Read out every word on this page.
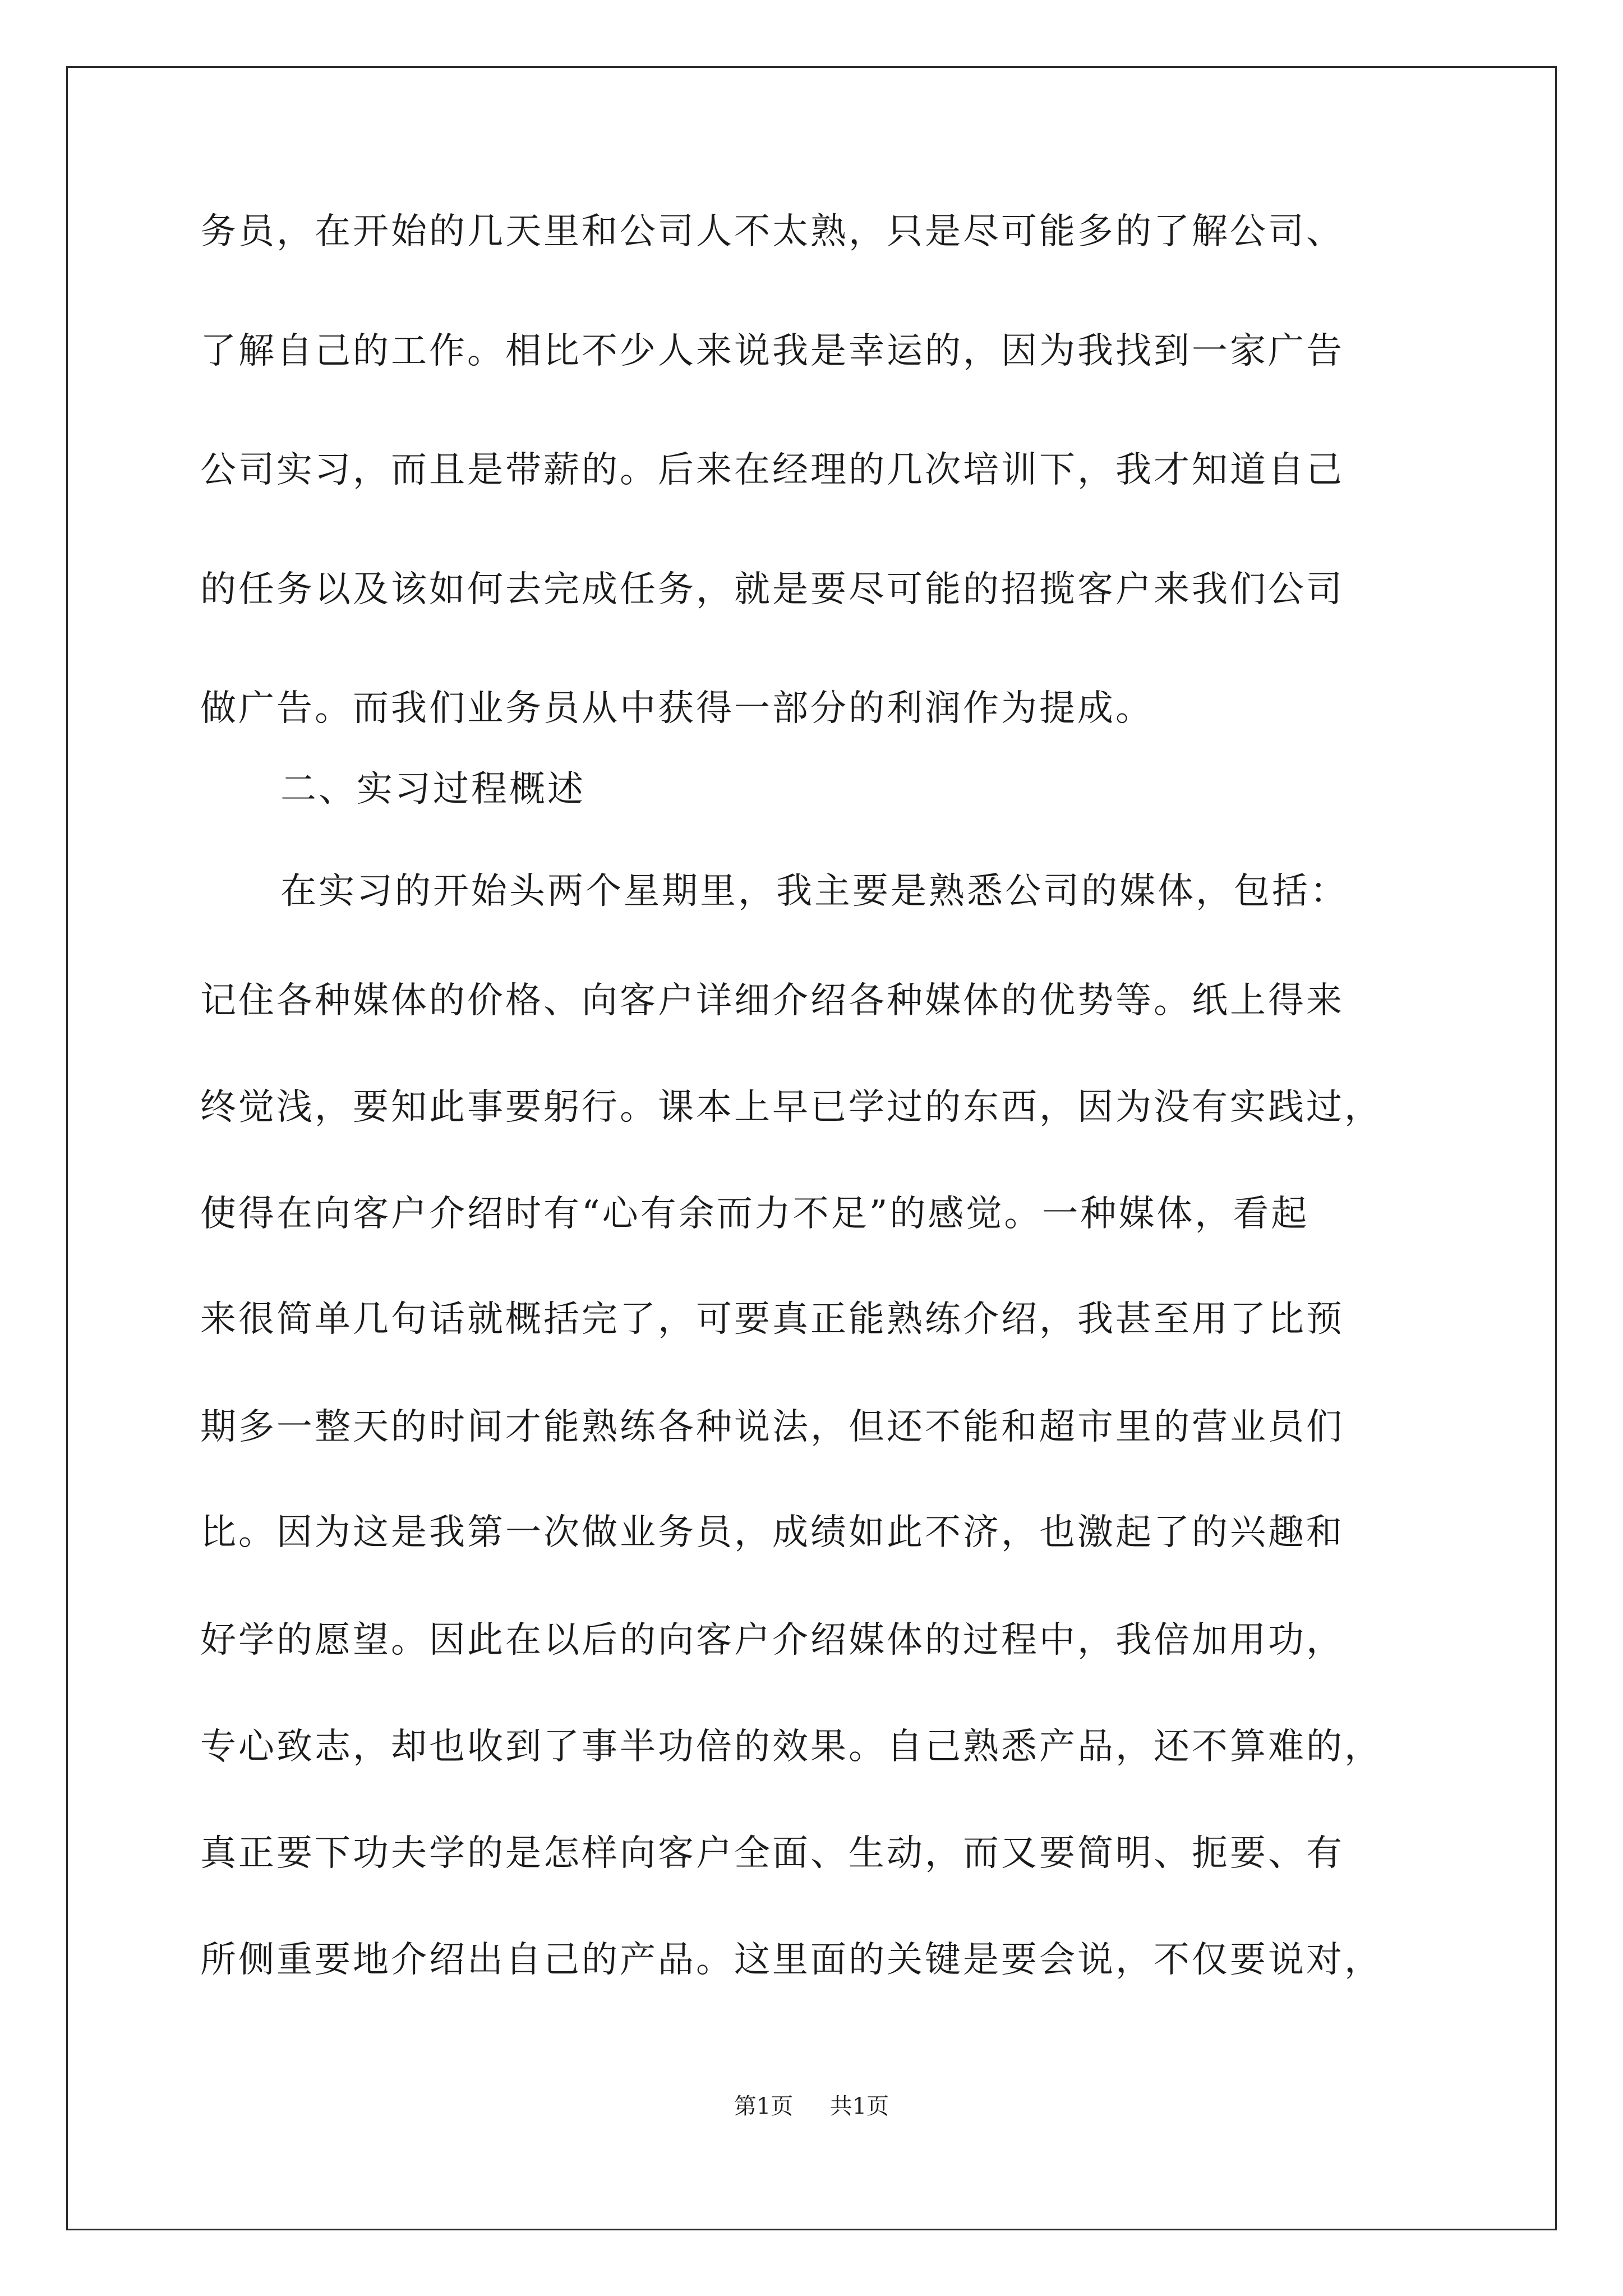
务员，在开始的几天里和公司人不太熟，只是尽可能多的了解公司、
了解自己的工作。相比不少人来说我是幸运的，因为我找到一家广告
公司实习，而且是带薪的。后来在经理的几次培训下，我才知道自己
的任务以及该如何去完成任务，就是要尽可能的招揽客户来我们公司
做广告。而我们业务员从中获得一部分的利润作为提成。
二、实习过程概述
在实习的开始头两个星期里，我主要是熟悉公司的媒体，包括：
记住各种媒体的价格、向客户详细介绍各种媒体的优势等。纸上得来
终觉浅，要知此事要躬行。课本上早已学过的东西，因为没有实践过，
使得在向客户介绍时有“心有余而力不足”的感觉。一种媒体，看起
来很简单几句话就概括完了，可要真正能熟练介绍，我甚至用了比预
期多一整天的时间才能熟练各种说法，但还不能和超市里的营业员们
比。因为这是我第一次做业务员，成绩如此不济，也激起了的兴趣和
好学的愿望。因此在以后的向客户介绍媒体的过程中，我倍加用功，
专心致志，却也收到了事半功倍的效果。自己熟悉产品，还不算难的，
真正要下功夫学的是怎样向客户全面、生动，而又要简明、扼要、有
所侧重要地介绍出自己的产品。这里面的关键是要会说，不仅要说对，
第1页 共1页
